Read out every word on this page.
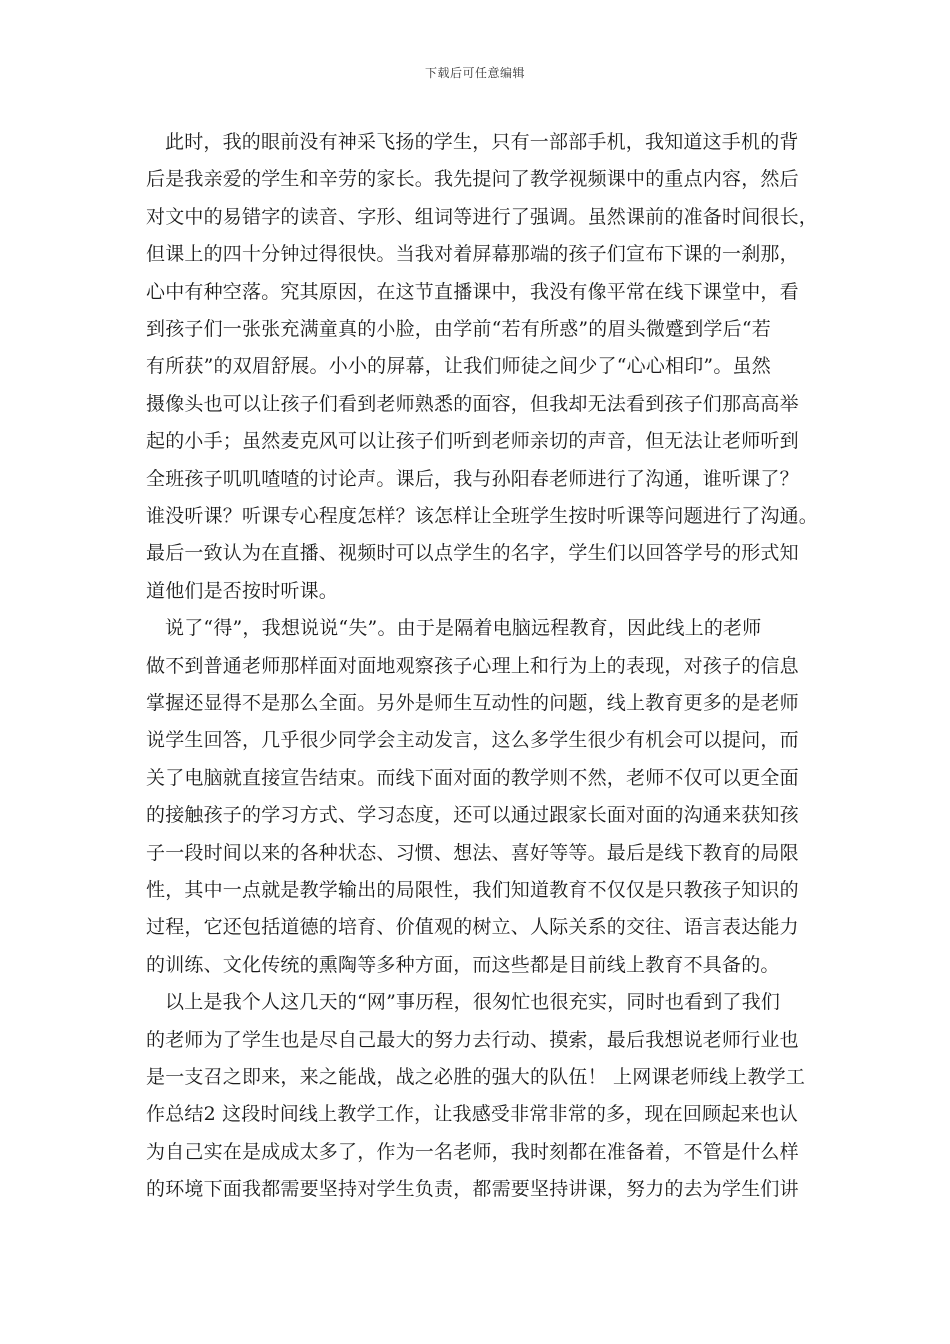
下载后可任意编辑
此时，我的眼前没有神采飞扬的学生，只有一部部手机，我知道这手机的背
后是我亲爱的学生和辛劳的家长。我先提问了教学视频课中的重点内容，然后
对文中的易错字的读音、字形、组词等进行了强调。虽然课前的准备时间很长，
但课上的四十分钟过得很快。当我对着屏幕那端的孩子们宣布下课的一刹那，
心中有种空落。究其原因，在这节直播课中，我没有像平常在线下课堂中，看
到孩子们一张张充满童真的小脸，由学前“若有所惑”的眉头微蹙到学后“若
有所获”的双眉舒展。小小的屏幕，让我们师徒之间少了“心心相印”。虽然
摄像头也可以让孩子们看到老师熟悉的面容，但我却无法看到孩子们那高高举
起的小手；虽然麦克风可以让孩子们听到老师亲切的声音，但无法让老师听到
全班孩子叽叽喳喳的讨论声。课后，我与孙阳春老师进行了沟通，谁听课了？
谁没听课？听课专心程度怎样？该怎样让全班学生按时听课等问题进行了沟通。
最后一致认为在直播、视频时可以点学生的名字，学生们以回答学号的形式知
道他们是否按时听课。
说了“得”，我想说说“失”。由于是隔着电脑远程教育，因此线上的老师
做不到普通老师那样面对面地观察孩子心理上和行为上的表现，对孩子的信息
掌握还显得不是那么全面。另外是师生互动性的问题，线上教育更多的是老师
说学生回答，几乎很少同学会主动发言，这么多学生很少有机会可以提问，而
关了电脑就直接宣告结束。而线下面对面的教学则不然，老师不仅可以更全面
的接触孩子的学习方式、学习态度，还可以通过跟家长面对面的沟通来获知孩
子一段时间以来的各种状态、习惯、想法、喜好等等。最后是线下教育的局限
性，其中一点就是教学输出的局限性，我们知道教育不仅仅是只教孩子知识的
过程，它还包括道德的培育、价值观的树立、人际关系的交往、语言表达能力
的训练、文化传统的熏陶等多种方面，而这些都是目前线上教育不具备的。
以上是我个人这几天的“网”事历程，很匆忙也很充实，同时也看到了我们
的老师为了学生也是尽自己最大的努力去行动、摸索，最后我想说老师行业也
是一支召之即来，来之能战，战之必胜的强大的队伍！ 上网课老师线上教学工
作总结2 这段时间线上教学工作，让我感受非常非常的多，现在回顾起来也认
为自己实在是成成太多了，作为一名老师，我时刻都在准备着，不管是什么样
的环境下面我都需要坚持对学生负责，都需要坚持讲课，努力的去为学生们讲
